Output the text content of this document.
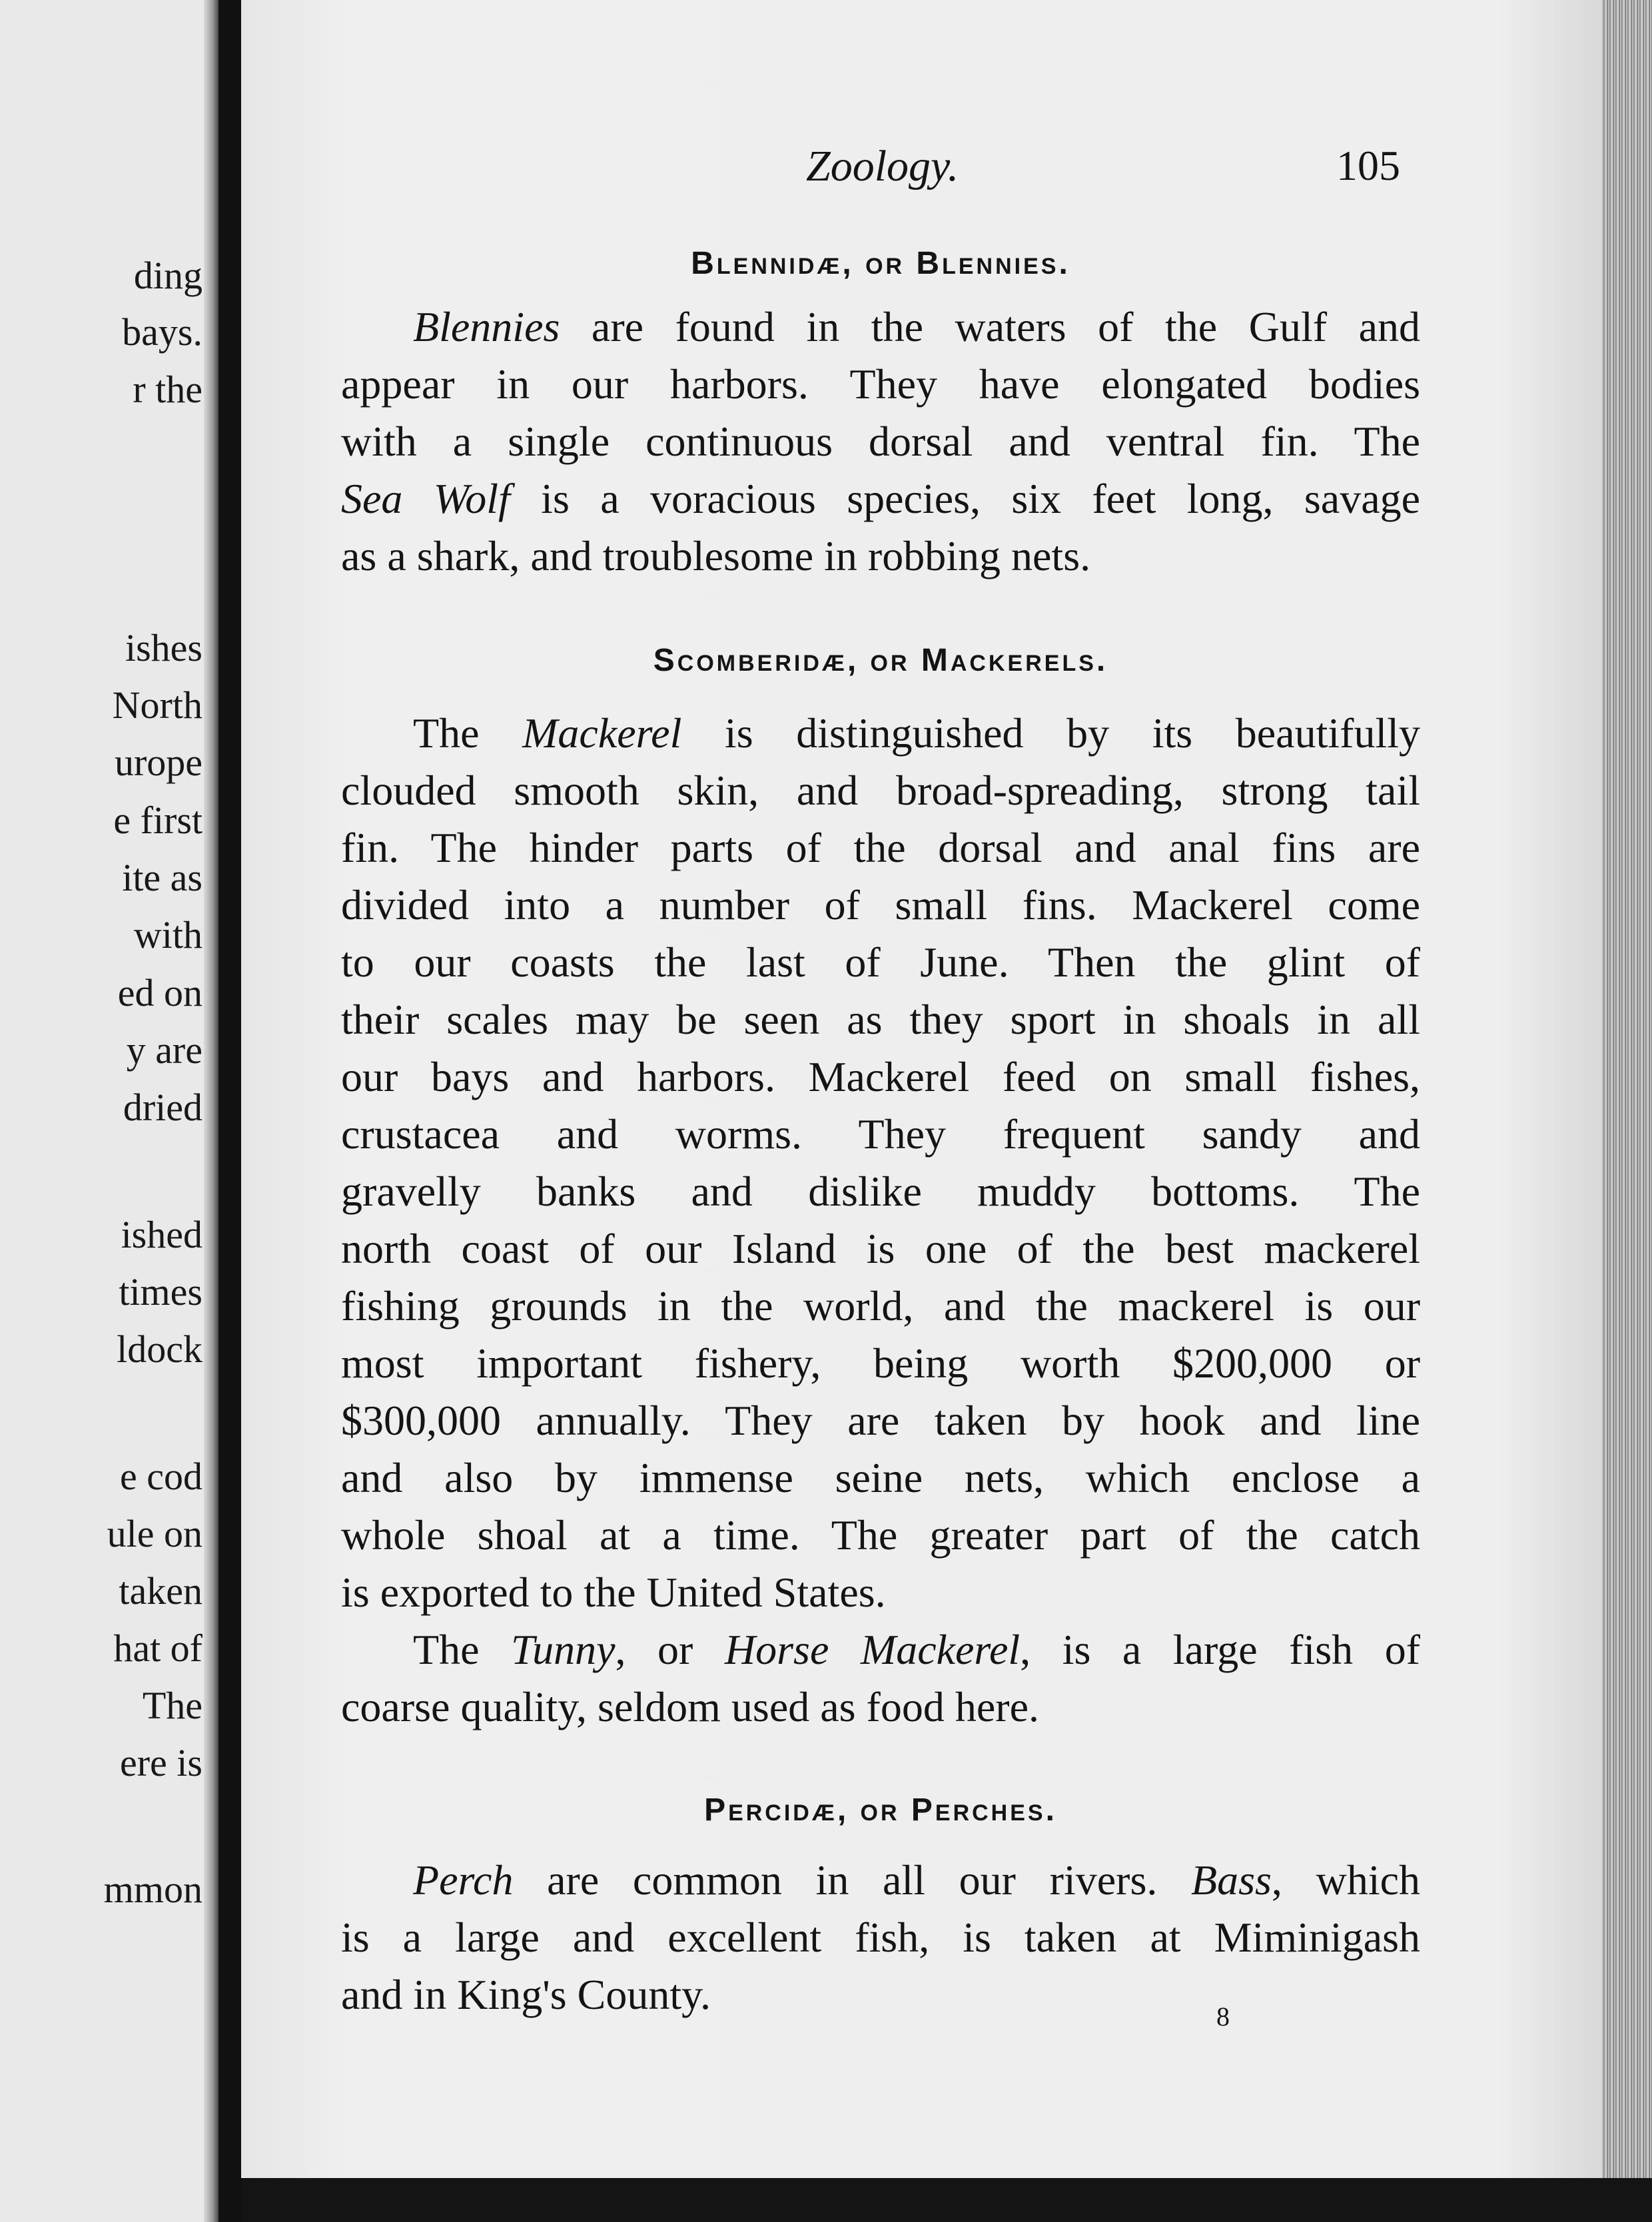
ding
bays.
r the
ishes
North
urope
e first
ite as
with
ed on
y are
dried
ished
times
ldock
e cod
ule on
taken
hat of
The
ere is
mmon
Zoology.	105
Blennidæ, or Blennies.
Blennies are found in the waters of the Gulf and
appear in our harbors. They have elongated bodies
with a single continuous dorsal and ventral fin. The
Sea Wolf is a voracious species, six feet long, savage
as a shark, and troublesome in robbing nets.
Scomberidæ, or Mackerels.
The Mackerel is distinguished by its beautifully
clouded smooth skin, and broad-spreading, strong tail
fin. The hinder parts of the dorsal and anal fins are
divided into a number of small fins. Mackerel come
to our coasts the last of June. Then the glint of
their scales may be seen as they sport in shoals in all
our bays and harbors. Mackerel feed on small fishes,
crustacea and worms. They frequent sandy and
gravelly banks and dislike muddy bottoms. The
north coast of our Island is one of the best mackerel
fishing grounds in the world, and the mackerel is our
most important fishery, being worth $200,000 or
$300,000 annually. They are taken by hook and line
and also by immense seine nets, which enclose a
whole shoal at a time. The greater part of the catch
is exported to the United States.
The Tunny, or Horse Mackerel, is a large fish of
coarse quality, seldom used as food here.
Percidæ, or Perches.
Perch are common in all our rivers. Bass, which
is a large and excellent fish, is taken at Miminigash
and in King's County.	8
